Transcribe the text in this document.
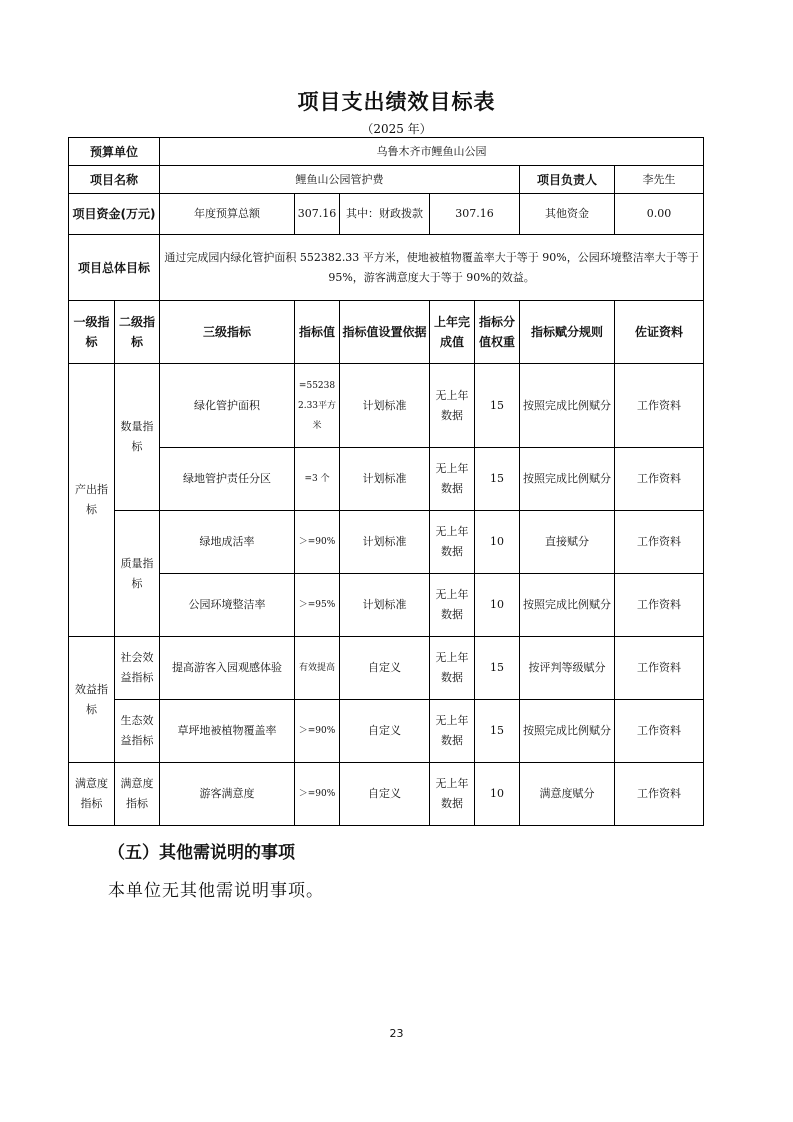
项目支出绩效目标表
（2025 年）
预算单位		乌鲁木齐市鲤鱼山公园						
项目名称		鲤鱼山公园管护费					项目负责人	李先生
项目资金(万元)		年度预算总额	307.16	其中：财政拨款	307.16		其他资金	0.00
项目总体目标		通过完成园内绿化管护面积 552382.33 平方米，使地被植物覆盖率大于等于 90%，公园环境整洁率大于等于 95%，游客满意度大于等于 90%的效益。						
一级指标	二级指标	三级指标	指标值	指标值设置依据	上年完成值	指标分值权重	指标赋分规则	佐证资料
产出指标	数量指标	绿化管护面积	=552382.33平方米	计划标准	无上年数据	15	按照完成比例赋分	工作资料
		绿地管护责任分区	=3 个	计划标准	无上年数据	15	按照完成比例赋分	工作资料
	质量指标	绿地成活率	＞=90%	计划标准	无上年数据	10	直接赋分	工作资料
		公园环境整洁率	＞=95%	计划标准	无上年数据	10	按照完成比例赋分	工作资料
效益指标	社会效益指标	提高游客入园观感体验	有效提高	自定义	无上年数据	15	按评判等级赋分	工作资料
	生态效益指标	草坪地被植物覆盖率	＞=90%	自定义	无上年数据	15	按照完成比例赋分	工作资料
满意度指标	满意度指标	游客满意度	＞=90%	自定义	无上年数据	10	满意度赋分	工作资料
（五）其他需说明的事项
本单位无其他需说明事项。
23
